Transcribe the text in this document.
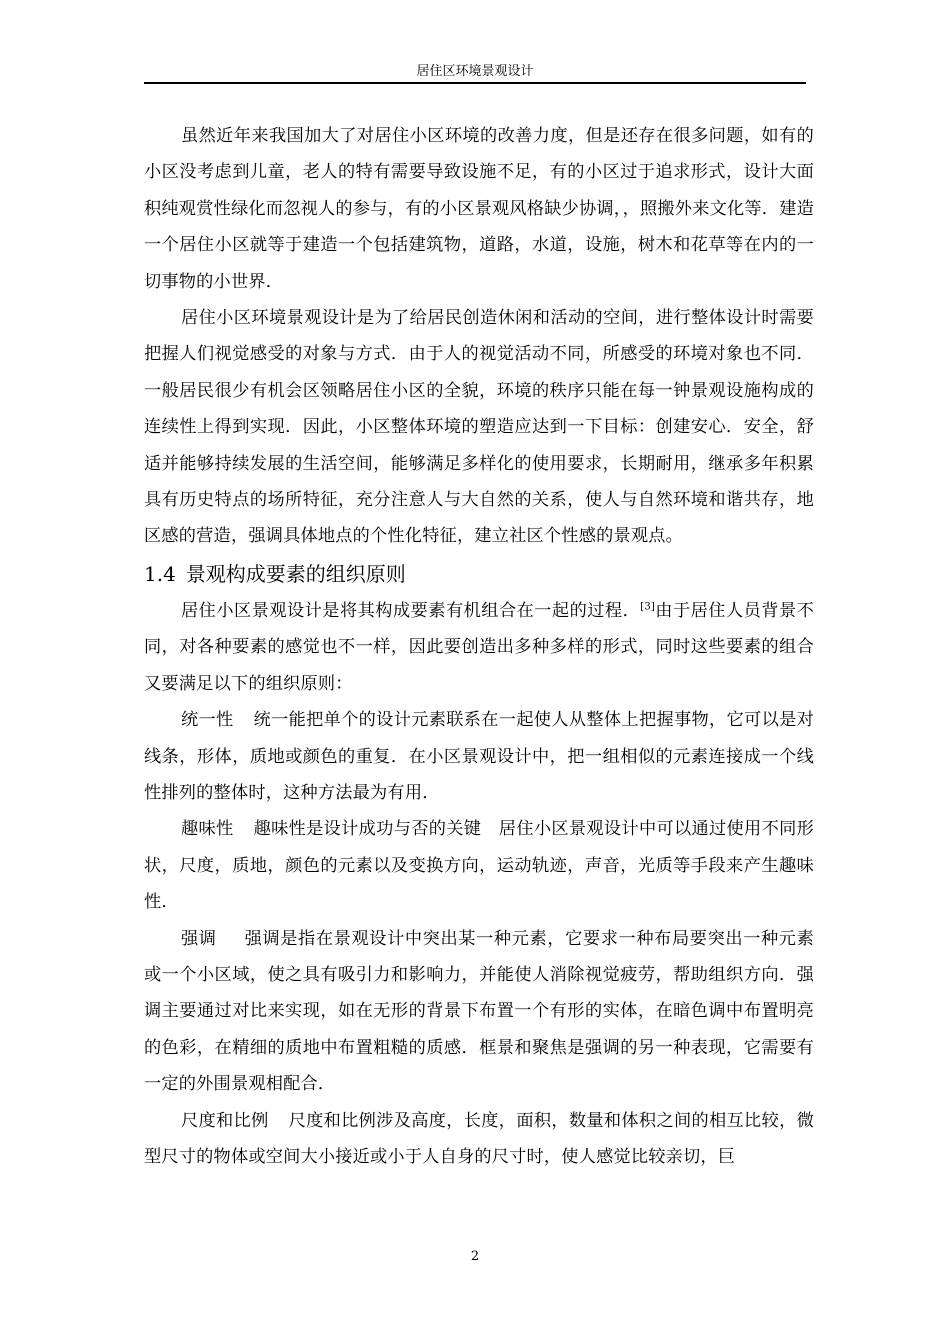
居住区环境景观设计

虽然近年来我国加大了对居住小区环境的改善力度，但是还存在很多问题，如有的小区没考虑到儿童，老人的特有需要导致设施不足，有的小区过于追求形式，设计大面积纯观赏性绿化而忽视人的参与，有的小区景观风格缺少协调，，照搬外来文化等．建造一个居住小区就等于建造一个包括建筑物，道路，水道，设施，树木和花草等在内的一切事物的小世界．

居住小区环境景观设计是为了给居民创造休闲和活动的空间，进行整体设计时需要把握人们视觉感受的对象与方式．由于人的视觉活动不同，所感受的环境对象也不同．一般居民很少有机会区领略居住小区的全貌，环境的秩序只能在每一钟景观设施构成的连续性上得到实现．因此，小区整体环境的塑造应达到一下目标：创建安心．安全，舒适并能够持续发展的生活空间，能够满足多样化的使用要求，长期耐用，继承多年积累具有历史特点的场所特征，充分注意人与大自然的关系，使人与自然环境和谐共存，地区感的营造，强调具体地点的个性化特征，建立社区个性感的景观点。

1.4 景观构成要素的组织原则

居住小区景观设计是将其构成要素有机组合在一起的过程．[3]由于居住人员背景不同，对各种要素的感觉也不一样，因此要创造出多种多样的形式，同时这些要素的组合又要满足以下的组织原则：

统一性 统一能把单个的设计元素联系在一起使人从整体上把握事物，它可以是对线条，形体，质地或颜色的重复．在小区景观设计中，把一组相似的元素连接成一个线性排列的整体时，这种方法最为有用．

趣味性 趣味性是设计成功与否的关键　居住小区景观设计中可以通过使用不同形状，尺度，质地，颜色的元素以及变换方向，运动轨迹，声音，光质等手段来产生趣味性．

强调 强调是指在景观设计中突出某一种元素，它要求一种布局要突出一种元素或一个小区域，使之具有吸引力和影响力，并能使人消除视觉疲劳，帮助组织方向．强调主要通过对比来实现，如在无形的背景下布置一个有形的实体，在暗色调中布置明亮的色彩，在精细的质地中布置粗糙的质感．框景和聚焦是强调的另一种表现，它需要有一定的外围景观相配合．

尺度和比例 尺度和比例涉及高度，长度，面积，数量和体积之间的相互比较，微型尺寸的物体或空间大小接近或小于人自身的尺寸时，使人感觉比较亲切，巨

2
